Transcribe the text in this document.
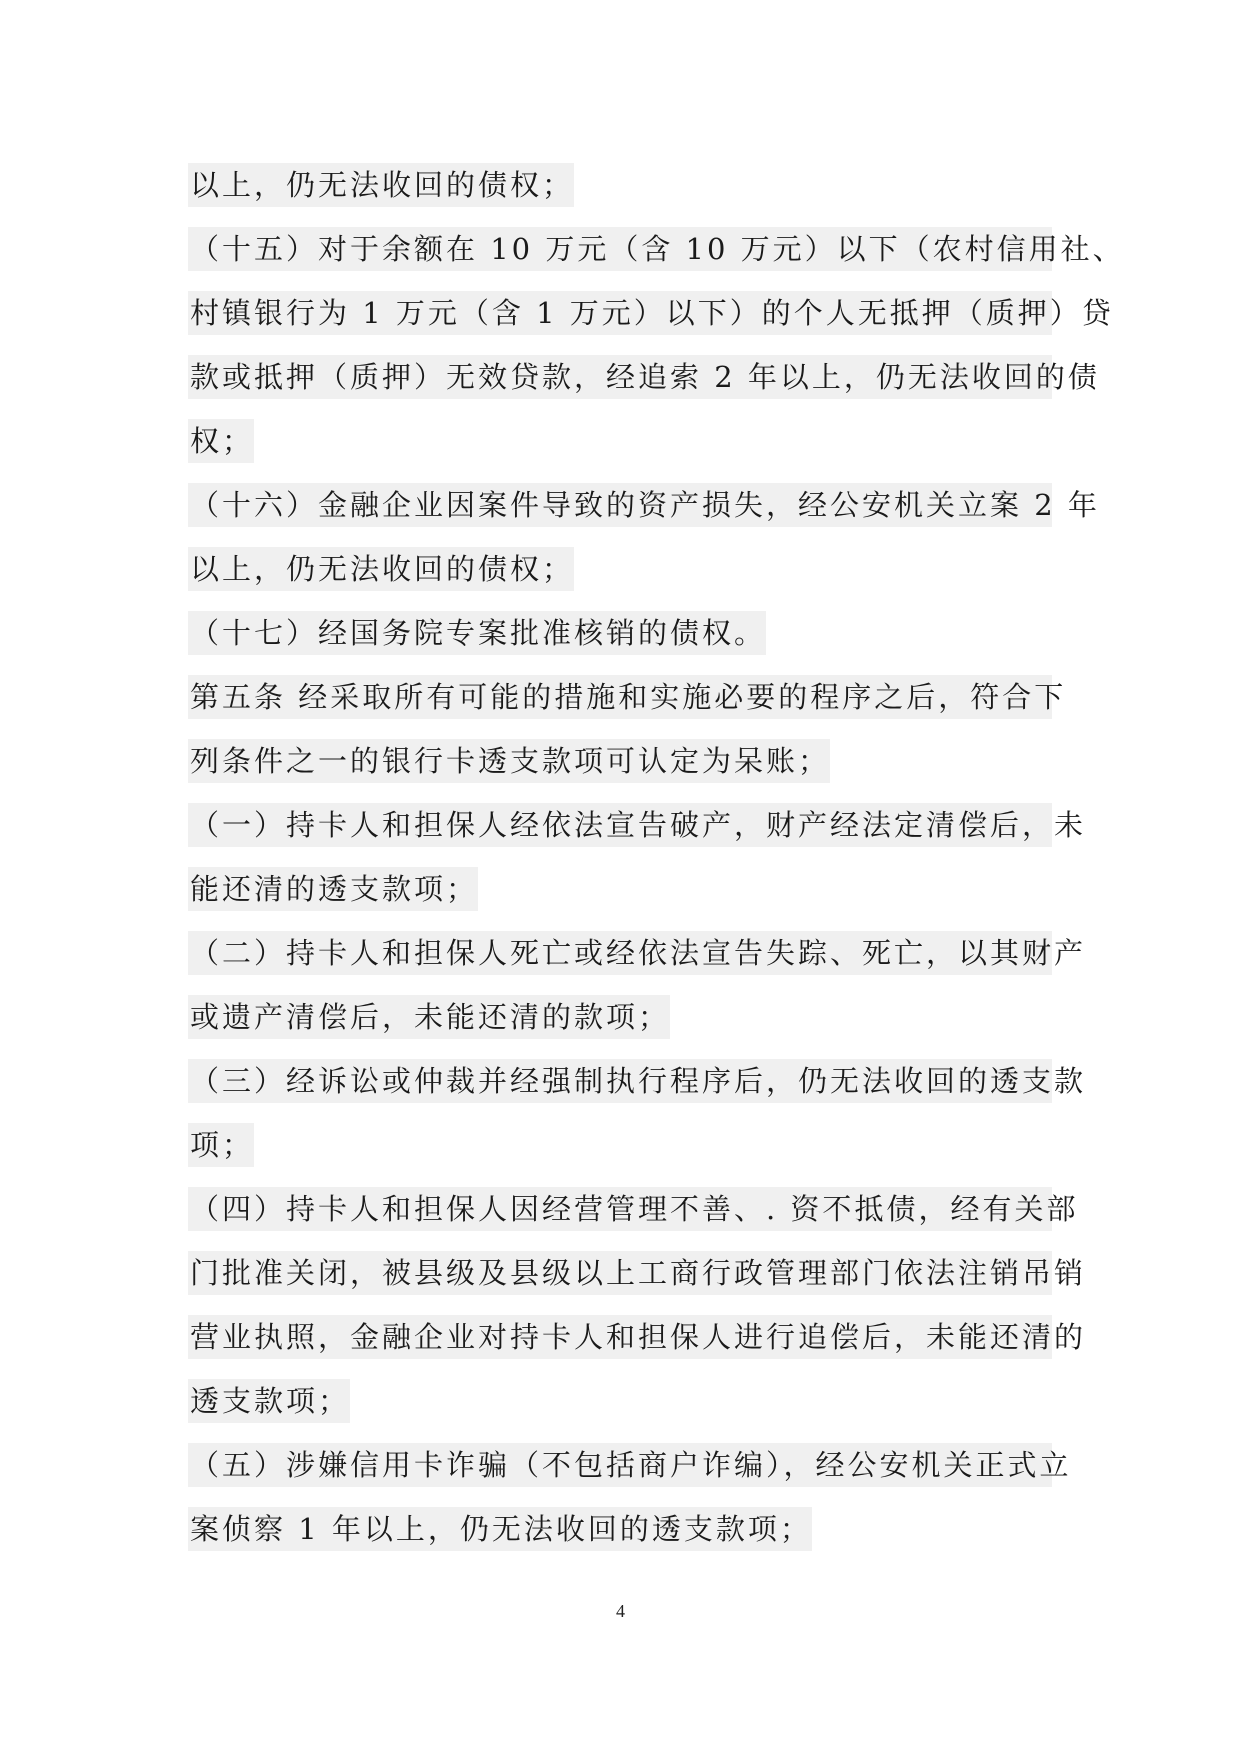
以上，仍无法收回的债权；
（十五）对于余额在 10 万元（含 10 万元）以下（农村信用社、
村镇银行为 1 万元（含 1 万元）以下）的个人无抵押（质押）贷
款或抵押（质押）无效贷款，经追索 2 年以上，仍无法收回的债
权；
（十六）金融企业因案件导致的资产损失，经公安机关立案 2 年
以上，仍无法收回的债权；
（十七）经国务院专案批准核销的债权。
第五条 经采取所有可能的措施和实施必要的程序之后，符合下
列条件之一的银行卡透支款项可认定为呆账；
（一）持卡人和担保人经依法宣告破产，财产经法定清偿后，未
能还清的透支款项；
（二）持卡人和担保人死亡或经依法宣告失踪、死亡，以其财产
或遗产清偿后，未能还清的款项；
（三）经诉讼或仲裁并经强制执行程序后，仍无法收回的透支款
项；
（四）持卡人和担保人因经营管理不善、. 资不抵债，经有关部
门批准关闭，被县级及县级以上工商行政管理部门依法注销吊销
营业执照，金融企业对持卡人和担保人进行追偿后，未能还清的
透支款项；
（五）涉嫌信用卡诈骗（不包括商户诈编），经公安机关正式立
案侦察 1 年以上，仍无法收回的透支款项；
4
